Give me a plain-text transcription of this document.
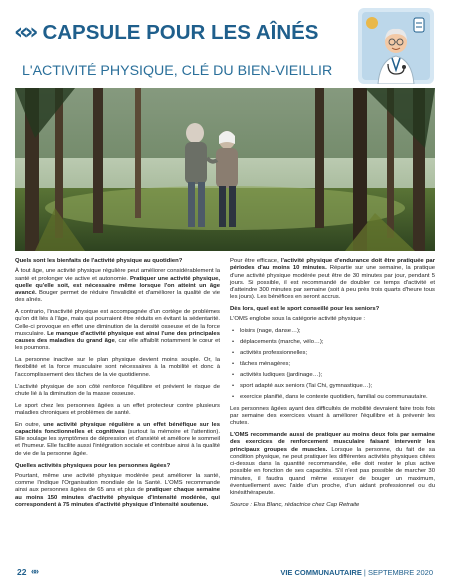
«» CAPSULE POUR LES AÎNÉS
L'ACTIVITÉ PHYSIQUE, CLÉ DU BIEN-VIEILLIR

Quels sont les bienfaits de l'activité physique au quotidien?

À tout âge, une activité physique régulière peut améliorer considérablement la santé et prolonger vie active et autonomie. Pratiquer une activité physique, quelle qu'elle soit, est nécessaire même lorsque l'on atteint un âge avancé. Bouger permet de réduire l'invalidité et d'améliorer la qualité de vie des aînés.

A contrario, l'inactivité physique est accompagnée d'un cortège de problèmes qu'on dit liés à l'âge, mais qui pourraient être réduits en évitant la sédentarité. Celle-ci provoque en effet une diminution de la densité osseuse et de la force musculaire. Le manque d'activité physique est ainsi l'une des principales causes des maladies du grand âge, car elle affaiblit notamment le cœur et les poumons.

La personne inactive sur le plan physique devient moins souple. Or, la flexibilité et la force musculaire sont nécessaires à la mobilité et donc à l'accomplissement des tâches de la vie quotidienne.

L'activité physique de son côté renforce l'équilibre et prévient le risque de chute lié à la diminution de la masse osseuse.

Le sport chez les personnes âgées a un effet protecteur contre plusieurs maladies chroniques et problèmes de santé.

En outre, une activité physique régulière a un effet bénéfique sur les capacités fonctionnelles et cognitives (surtout la mémoire et l'attention). Elle soulage les symptômes de dépression et d'anxiété et améliore le sommeil et l'humeur. Elle facilite aussi l'intégration sociale et contribue ainsi à la qualité de vie de la personne âgée.

Quelles activités physiques pour les personnes âgées?

Pourtant, même une activité physique modérée peut améliorer la santé, comme l'indique l'Organisation mondiale de la Santé. L'OMS recommande ainsi aux personnes âgées de 65 ans et plus de pratiquer chaque semaine au moins 150 minutes d'activité physique d'intensité modérée, qui correspondent à 75 minutes d'activité physique d'intensité soutenue.

Pour être efficace, l'activité physique d'endurance doit être pratiquée par périodes d'au moins 10 minutes. Répartie sur une semaine, la pratique d'une activité physique modérée peut être de 30 minutes par jour, pendant 5 jours. Si possible, il est recommandé de doubler ce temps d'activité et d'atteindre 300 minutes par semaine (soit à peu près trois quarts d'heure tous les jours). Les bénéfices en seront accrus.

Dès lors, quel est le sport conseillé pour les seniors?

L'OMS englobe sous la catégorie activité physique :

• loisirs (nage, danse…);
• déplacements (marche, vélo…);
• activités professionnelles;
• tâches ménagères;
• activités ludiques (jardinage…);
• sport adapté aux seniors (Tai Chi, gymnastique…);
• exercice planifié, dans le contexte quotidien, familial ou communautaire.

Les personnes âgées ayant des difficultés de mobilité devraient faire trois fois par semaine des exercices visant à améliorer l'équilibre et à prévenir les chutes.

L'OMS recommande aussi de pratiquer au moins deux fois par semaine des exercices de renforcement musculaire faisant intervenir les principaux groupes de muscles. Lorsque la personne, du fait de sa condition physique, ne peut pratiquer les différentes activités physiques citées ci-dessus dans la quantité recommandée, elle doit rester le plus active possible en fonction de ses capacités. S'il n'est pas possible de marcher 30 minutes, il faudra quand même essayer de bouger un maximum, éventuellement avec l'aide d'un proche, d'un aidant professionnel ou du kinésithérapeute.

Source : Elsa Blanc, rédactrice chez Cap Retraite

22 «»	VIE COMMUNAUTAIRE | SEPTEMBRE 2020
